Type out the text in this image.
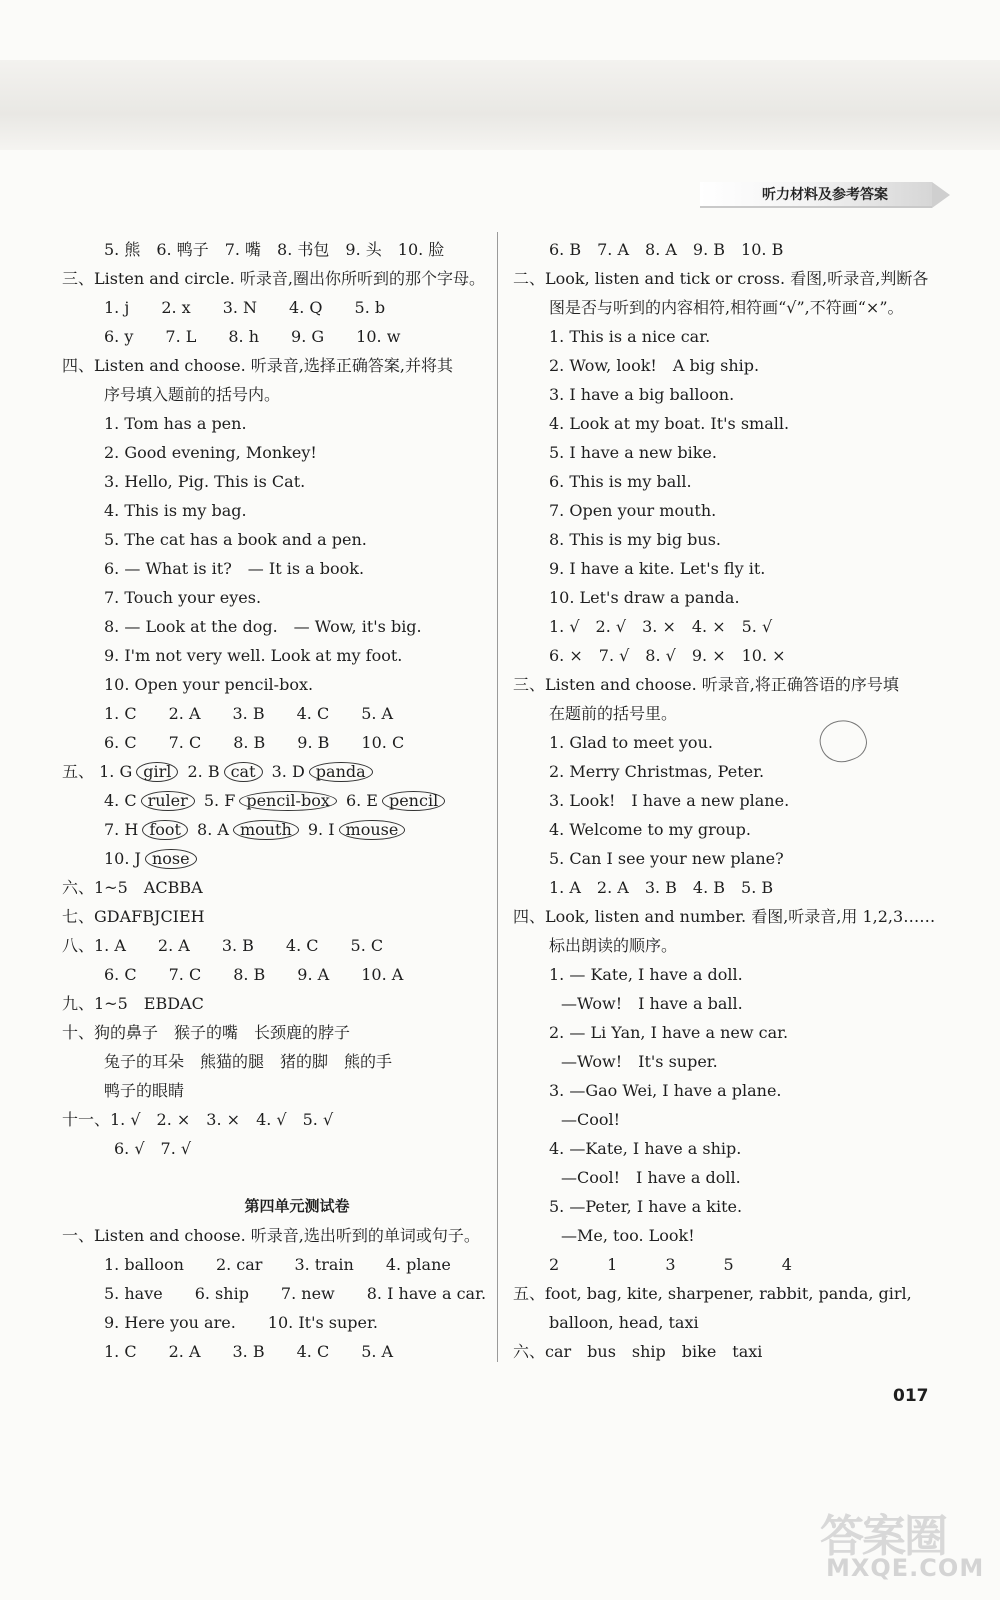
听力材料及参考答案
5. 熊　6. 鸭子　7. 嘴　8. 书包　9. 头　10. 脸
三、Listen and circle. 听录音,圈出你所听到的那个字母。
1. j　　2. x　　3. N　　4. Q　　5. b
6. y　　7. L　　8. h　　9. G　　10. w
四、Listen and choose. 听录音,选择正确答案,并将其
序号填入题前的括号内。
1. Tom has a pen.
2. Good evening, Monkey!
3. Hello, Pig. This is Cat.
4. This is my bag.
5. The cat has a book and a pen.
6. — What is it?　— It is a book.
7. Touch your eyes.
8. — Look at the dog.　— Wow, it's big.
9. I'm not very well. Look at my foot.
10. Open your pencil-box.
1. C　　2. A　　3. B　　4. C　　5. A
6. C　　7. C　　8. B　　9. B　　10. C
五、 1. G girl 2. B cat 3. D panda
4. C ruler 5. F pencil-box 6. E pencil
7. H foot 8. A mouth 9. I mouse
10. J nose
六、1~5　ACBBA
七、GDAFBJCIEH
八、1. A　　2. A　　3. B　　4. C　　5. C
6. C　　7. C　　8. B　　9. A　　10. A
九、1~5　EBDAC
十、狗的鼻子　猴子的嘴　长颈鹿的脖子
兔子的耳朵　熊猫的腿　猪的脚　熊的手
鸭子的眼睛
十一、1. √　2. ×　3. ×　4. √　5. √
6. √　7. √
第四单元测试卷
一、Listen and choose. 听录音,选出听到的单词或句子。
1. balloon　　2. car　　3. train　　4. plane
5. have　　6. ship　　7. new　　8. I have a car.
9. Here you are.　　10. It's super.
1. C　　2. A　　3. B　　4. C　　5. A
6. B　7. A　8. A　9. B　10. B
二、Look, listen and tick or cross. 看图,听录音,判断各
图是否与听到的内容相符,相符画“√”,不符画“×”。
1. This is a nice car.
2. Wow, look!　A big ship.
3. I have a big balloon.
4. Look at my boat. It's small.
5. I have a new bike.
6. This is my ball.
7. Open your mouth.
8. This is my big bus.
9. I have a kite. Let's fly it.
10. Let's draw a panda.
1. √　2. √　3. ×　4. ×　5. √
6. ×　7. √　8. √　9. ×　10. ×
三、Listen and choose. 听录音,将正确答语的序号填
在题前的括号里。
1. Glad to meet you.
2. Merry Christmas, Peter.
3. Look!　I have a new plane.
4. Welcome to my group.
5. Can I see your new plane?
1. A　2. A　3. B　4. B　5. B
四、Look, listen and number. 看图,听录音,用 1,2,3……
标出朗读的顺序。
1. — Kate, I have a doll.
—Wow!　I have a ball.
2. — Li Yan, I have a new car.
—Wow!　It's super.
3. —Gao Wei, I have a plane.
—Cool!
4. —Kate, I have a ship.
—Cool!　I have a doll.
5. —Peter, I have a kite.
—Me, too. Look!
2　　　1　　　3　　　5　　　4
五、foot, bag, kite, sharpener, rabbit, panda, girl,
balloon, head, taxi
六、car　bus　ship　bike　taxi
017
答案圈
MXQE.COM
